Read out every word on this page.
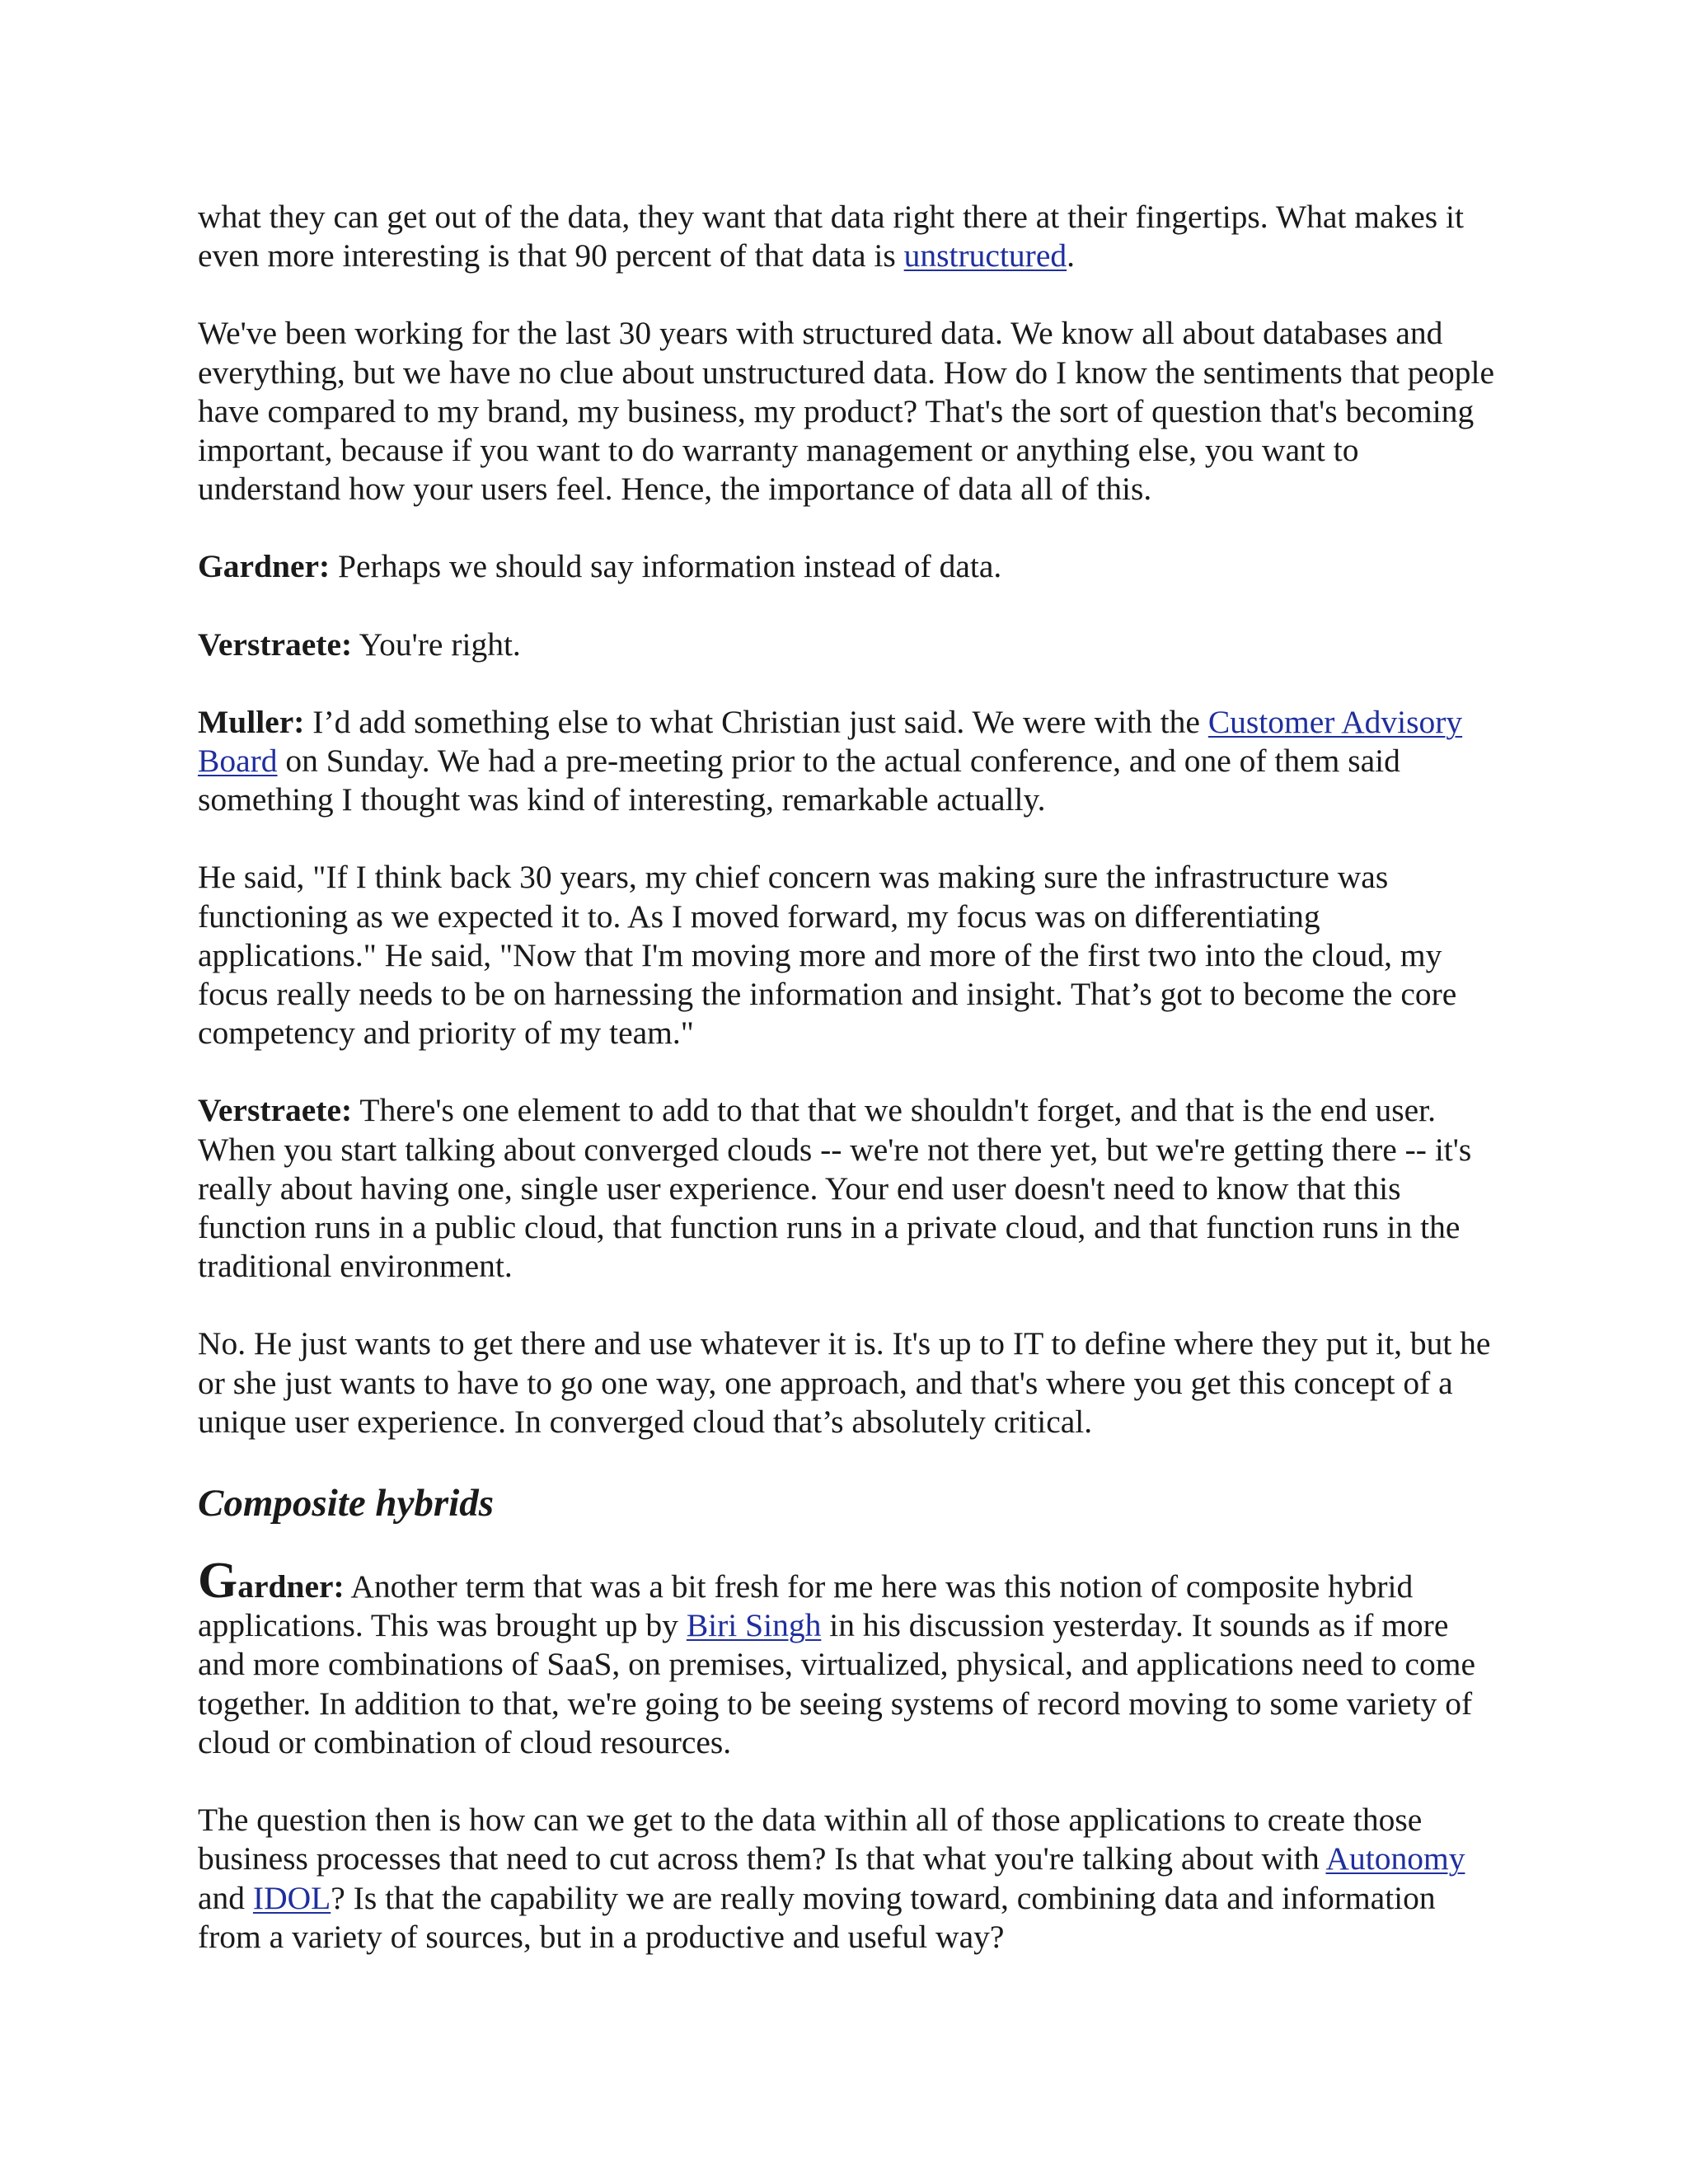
what they can get out of the data, they want that data right there at their fingertips. What makes it even more interesting is that 90 percent of that data is unstructured.

We've been working for the last 30 years with structured data. We know all about databases and everything, but we have no clue about unstructured data. How do I know the sentiments that people have compared to my brand, my business, my product? That's the sort of question that's becoming important, because if you want to do warranty management or anything else, you want to understand how your users feel. Hence, the importance of data all of this.

Gardner: Perhaps we should say information instead of data.

Verstraete: You're right.

Muller: I’d add something else to what Christian just said. We were with the Customer Advisory Board on Sunday. We had a pre-meeting prior to the actual conference, and one of them said something I thought was kind of interesting, remarkable actually.

He said, "If I think back 30 years, my chief concern was making sure the infrastructure was functioning as we expected it to. As I moved forward, my focus was on differentiating applications." He said, "Now that I'm moving more and more of the first two into the cloud, my focus really needs to be on harnessing the information and insight. That’s got to become the core competency and priority of my team."

Verstraete: There's one element to add to that that we shouldn't forget, and that is the end user. When you start talking about converged clouds -- we're not there yet, but we're getting there -- it's really about having one, single user experience. Your end user doesn't need to know that this function runs in a public cloud, that function runs in a private cloud, and that function runs in the traditional environment.

No. He just wants to get there and use whatever it is. It's up to IT to define where they put it, but he or she just wants to have to go one way, one approach, and that's where you get this concept of a unique user experience. In converged cloud that’s absolutely critical.

Composite hybrids

Gardner: Another term that was a bit fresh for me here was this notion of composite hybrid applications. This was brought up by Biri Singh in his discussion yesterday. It sounds as if more and more combinations of SaaS, on premises, virtualized, physical, and applications need to come together. In addition to that, we're going to be seeing systems of record moving to some variety of cloud or combination of cloud resources.

The question then is how can we get to the data within all of those applications to create those business processes that need to cut across them? Is that what you're talking about with Autonomy and IDOL? Is that the capability we are really moving toward, combining data and information from a variety of sources, but in a productive and useful way?
